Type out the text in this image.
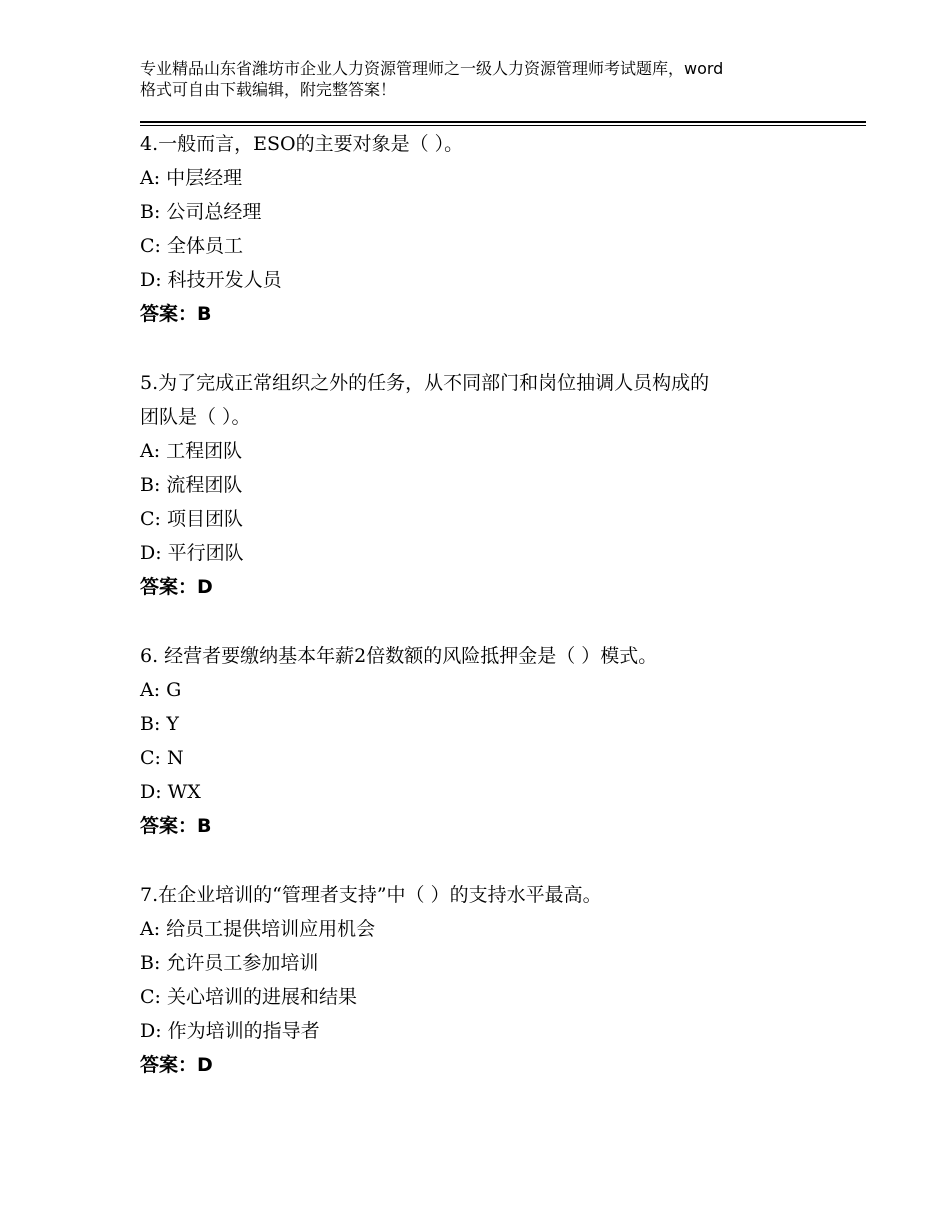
专业精品山东省潍坊市企业人力资源管理师之一级人力资源管理师考试题库，word
格式可自由下载编辑，附完整答案！
4.一般而言，ESO的主要对象是（ ）。
A: 中层经理
B: 公司总经理
C: 全体员工
D: 科技开发人员
答案：B
5.为了完成正常组织之外的任务，从不同部门和岗位抽调人员构成的
团队是（ ）。
A: 工程团队
B: 流程团队
C: 项目团队
D: 平行团队
答案：D
6. 经营者要缴纳基本年薪2倍数额的风险抵押金是（ ）模式。
A: G
B: Y
C: N
D: WX
答案：B
7.在企业培训的“管理者支持”中（ ）的支持水平最高。
A: 给员工提供培训应用机会
B: 允许员工参加培训
C: 关心培训的进展和结果
D: 作为培训的指导者
答案：D
